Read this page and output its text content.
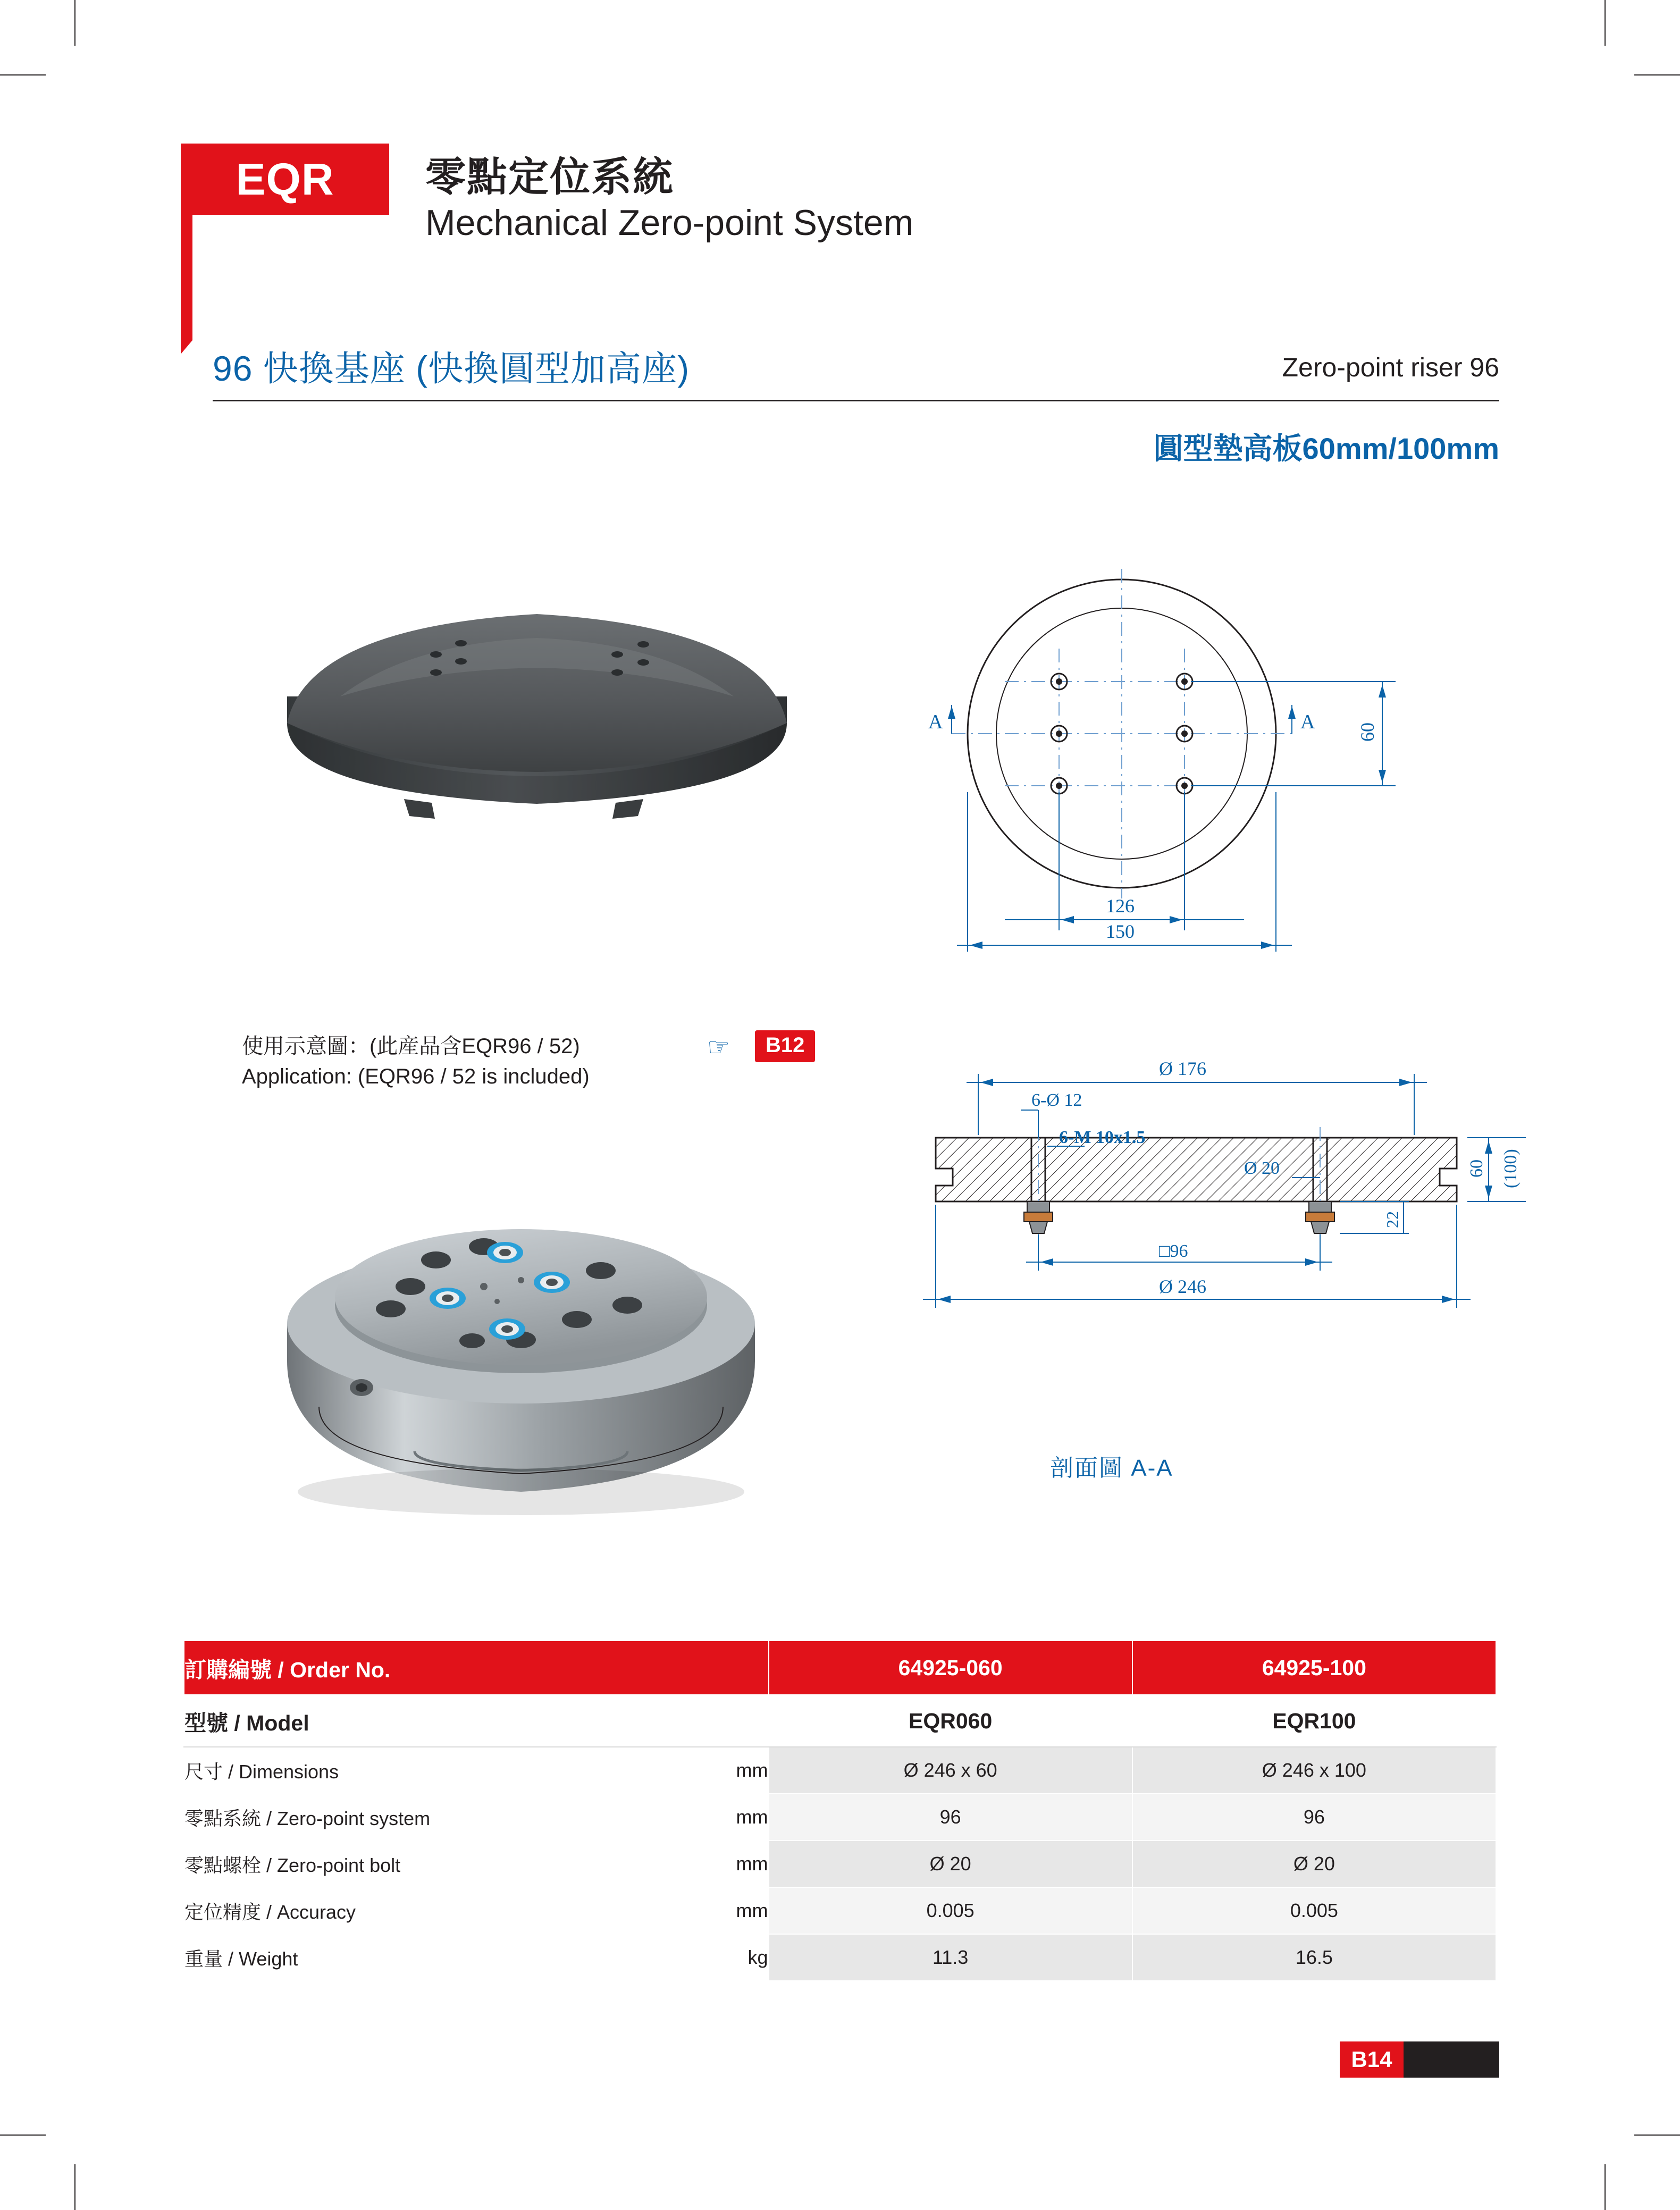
EQR	零點定位系統
Mechanical Zero-point System
96 快換基座 (快換圓型加高座)	Zero-point riser 96
圓型墊高板60mm/100mm
使用示意圖：(此産品含EQR96 / 52)
Application: (EQR96 / 52 is included)
☞	B12
A	A 60
126
150
Ø 176
6-Ø 12
6-M 10x1.5
Ø 20	60 (100)
22
□96
Ø 246
剖面圖 A-A
訂購編號 / Order No.		64925-060	64925-100
型號 / Model		EQR060	EQR100
尺寸 / Dimensions	mm	Ø 246 x 60	Ø 246 x 100
零點系統 / Zero-point system	mm	96	96
零點螺栓 / Zero-point bolt	mm	Ø 20	Ø 20
定位精度 / Accuracy	mm	0.005	0.005
重量 / Weight	kg	11.3	16.5
B14
